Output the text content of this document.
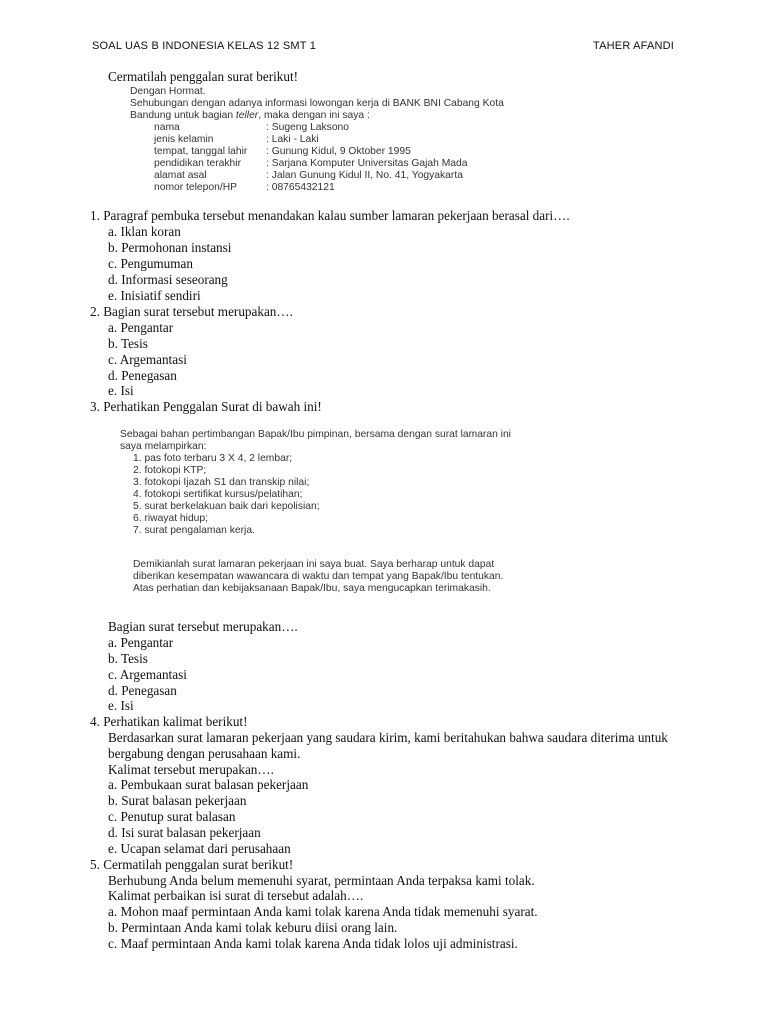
SOAL UAS B INDONESIA KELAS 12 SMT 1	TAHER AFANDI
Cermatilah penggalan surat berikut!
Dengan Hormat.
Sehubungan dengan adanya informasi lowongan kerja di BANK BNI Cabang Kota
Bandung untuk bagian teller, maka dengan ini saya :
nama	: Sugeng Laksono
jenis kelamin	: Laki - Laki
tempat, tanggal lahir : Gunung Kidul, 9 Oktober 1995
pendidikan terakhir : Sarjana Komputer Universitas Gajah Mada
alamat asal	: Jalan Gunung Kidul II, No. 41, Yogyakarta
nomor telepon/HP	: 08765432121
1. Paragraf pembuka tersebut menandakan kalau sumber lamaran pekerjaan berasal dari….
a. Iklan koran
b. Permohonan instansi
c. Pengumuman
d. Informasi seseorang
e. Inisiatif sendiri
2. Bagian surat tersebut merupakan….
a. Pengantar
b. Tesis
c. Argemantasi
d. Penegasan
e. Isi
3. Perhatikan Penggalan Surat di bawah ini!
Sebagai bahan pertimbangan Bapak/Ibu pimpinan, bersama dengan surat lamaran ini
saya melampirkan:
1. pas foto terbaru 3 X 4, 2 lembar;
2. fotokopi KTP;
3. fotokopi Ijazah S1 dan transkip nilai;
4. fotokopi sertifikat kursus/pelatihan;
5. surat berkelakuan baik dari kepolisian;
6. riwayat hidup;
7. surat pengalaman kerja.
Demikianlah surat lamaran pekerjaan ini saya buat. Saya berharap untuk dapat
diberikan kesempatan wawancara di waktu dan tempat yang Bapak/Ibu tentukan.
Atas perhatian dan kebijaksanaan Bapak/Ibu, saya mengucapkan terimakasih.
Bagian surat tersebut merupakan….
a. Pengantar
b. Tesis
c. Argemantasi
d. Penegasan
e. Isi
4. Perhatikan kalimat berikut!
Berdasarkan surat lamaran pekerjaan yang saudara kirim, kami beritahukan bahwa saudara diterima untuk
bergabung dengan perusahaan kami.
Kalimat tersebut merupakan….
a. Pembukaan surat balasan pekerjaan
b. Surat balasan pekerjaan
c. Penutup surat balasan
d. Isi surat balasan pekerjaan
e. Ucapan selamat dari perusahaan
5. Cermatilah penggalan surat berikut!
Berhubung Anda belum memenuhi syarat, permintaan Anda terpaksa kami tolak.
Kalimat perbaikan isi surat di tersebut adalah….
a. Mohon maaf permintaan Anda kami tolak karena Anda tidak memenuhi syarat.
b. Permintaan Anda kami tolak keburu diisi orang lain.
c. Maaf permintaan Anda kami tolak karena Anda tidak lolos uji administrasi.
